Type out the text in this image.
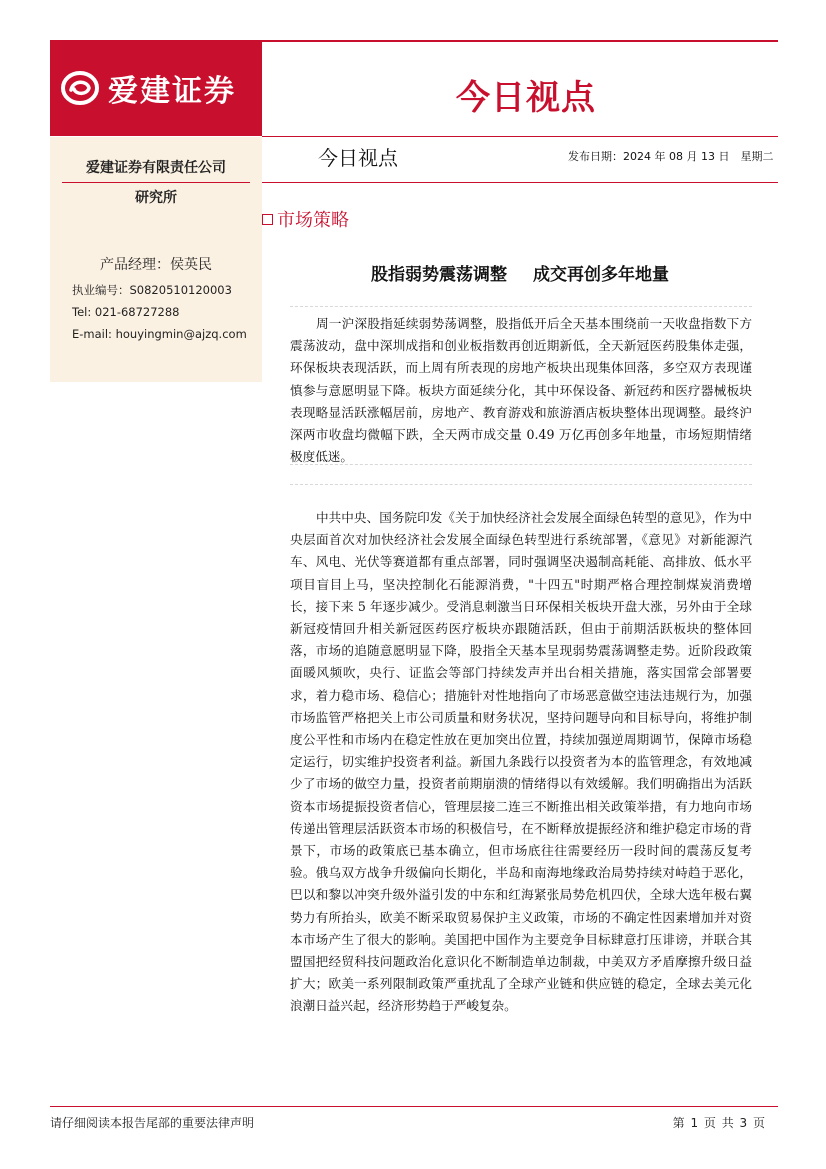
爱建证券	今日视点
爱建证券有限责任公司
研究所
产品经理：侯英民
执业编号：S0820510120003
Tel: 021-68727288
E-mail: houyingmin@ajzq.com
今日视点	发布日期：2024 年 08 月 13 日　星期二
市场策略
股指弱势震荡调整 成交再创多年地量

周一沪深股指延续弱势荡调整，股指低开后全天基本围绕前一天收盘指数下方震荡波动，盘中深圳成指和创业板指数再创近期新低，全天新冠医药股集体走强，环保板块表现活跃，而上周有所表现的房地产板块出现集体回落，多空双方表现谨慎参与意愿明显下降。板块方面延续分化，其中环保设备、新冠药和医疗器械板块表现略显活跃涨幅居前，房地产、教育游戏和旅游酒店板块整体出现调整。最终沪深两市收盘均微幅下跌，全天两市成交量 0.49 万亿再创多年地量，市场短期情绪极度低迷。

中共中央、国务院印发《关于加快经济社会发展全面绿色转型的意见》，作为中央层面首次对加快经济社会发展全面绿色转型进行系统部署，《意见》对新能源汽车、风电、光伏等赛道都有重点部署，同时强调坚决遏制高耗能、高排放、低水平项目盲目上马，坚决控制化石能源消费，"十四五"时期严格合理控制煤炭消费增长，接下来 5 年逐步减少。受消息刺激当日环保相关板块开盘大涨，另外由于全球新冠疫情回升相关新冠医药医疗板块亦跟随活跃，但由于前期活跃板块的整体回落，市场的追随意愿明显下降，股指全天基本呈现弱势震荡调整走势。近阶段政策面暖风频吹，央行、证监会等部门持续发声并出台相关措施，落实国常会部署要求，着力稳市场、稳信心；措施针对性地指向了市场恶意做空违法违规行为，加强市场监管严格把关上市公司质量和财务状况，坚持问题导向和目标导向，将维护制度公平性和市场内在稳定性放在更加突出位置，持续加强逆周期调节，保障市场稳定运行，切实维护投资者利益。新国九条践行以投资者为本的监管理念，有效地减少了市场的做空力量，投资者前期崩溃的情绪得以有效缓解。我们明确指出为活跃资本市场提振投资者信心，管理层接二连三不断推出相关政策举措，有力地向市场传递出管理层活跃资本市场的积极信号，在不断释放提振经济和维护稳定市场的背景下，市场的政策底已基本确立，但市场底往往需要经历一段时间的震荡反复考验。俄乌双方战争升级偏向长期化，半岛和南海地缘政治局势持续对峙趋于恶化，巴以和黎以冲突升级外溢引发的中东和红海紧张局势危机四伏，全球大选年极右翼势力有所抬头，欧美不断采取贸易保护主义政策，市场的不确定性因素增加并对资本市场产生了很大的影响。美国把中国作为主要竞争目标肆意打压诽谤，并联合其盟国把经贸科技问题政治化意识化不断制造单边制裁，中美双方矛盾摩擦升级日益扩大；欧美一系列限制政策严重扰乱了全球产业链和供应链的稳定，全球去美元化浪潮日益兴起，经济形势趋于严峻复杂。

请仔细阅读本报告尾部的重要法律声明	第 1 页 共 3 页
